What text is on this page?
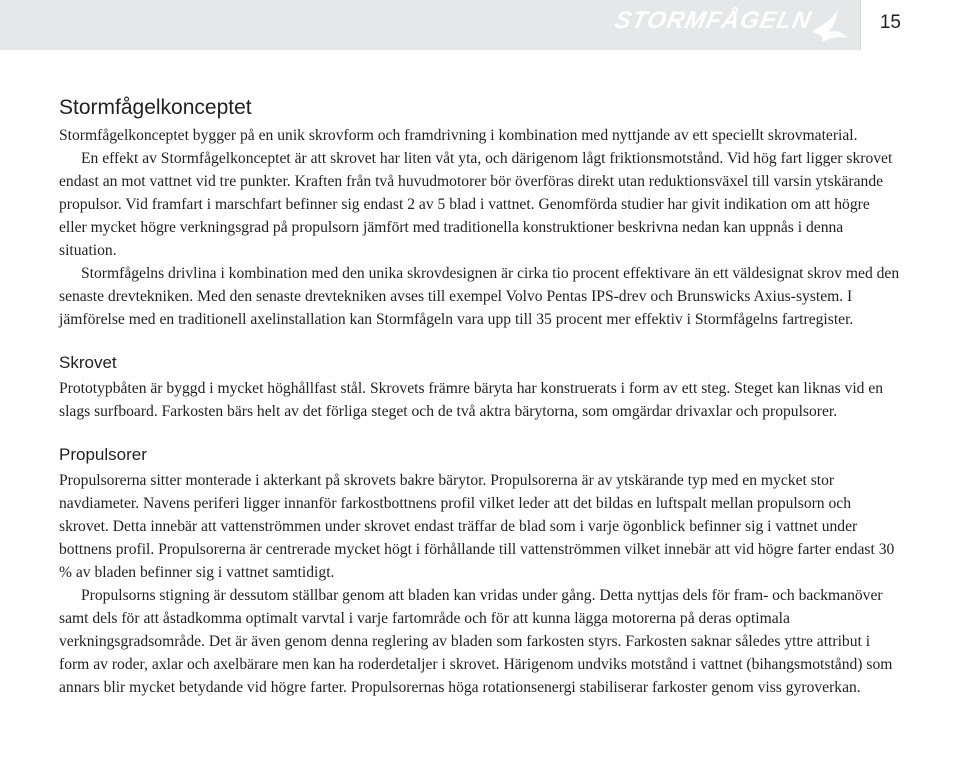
STORMFÅGELN	15
Stormfågelkonceptet

Stormfågelkonceptet bygger på en unik skrovform och framdrivning i kombination med nyttjande av ett speciellt skrovmaterial.

En effekt av Stormfågelkonceptet är att skrovet har liten våt yta, och därigenom lågt friktionsmotstånd. Vid hög fart ligger skrovet endast an mot vattnet vid tre punkter. Kraften från två huvudmotorer bör överföras direkt utan reduktionsväxel till varsin ytskärande propulsor. Vid framfart i marschfart befinner sig endast 2 av 5 blad i vattnet. Genomförda studier har givit indikation om att högre eller mycket högre verkningsgrad på propulsorn jämfört med traditionella konstruktioner beskrivna nedan kan uppnås i denna situation.

Stormfågelns drivlina i kombination med den unika skrovdesignen är cirka tio procent effektivare än ett väldesignat skrov med den senaste drevtekniken. Med den senaste drevtekniken avses till exempel Volvo Pentas IPS-drev och Brunswicks Axius-system. I jämförelse med en traditionell axelinstallation kan Stormfågeln vara upp till 35 procent mer effektiv i Stormfågelns fartregister.

Skrovet

Prototypbåten är byggd i mycket höghållfast stål. Skrovets främre bäryta har konstruerats i form av ett steg. Steget kan liknas vid en slags surfboard. Farkosten bärs helt av det förliga steget och de två aktra bärytorna, som omgärdar drivaxlar och propulsorer.

Propulsorer

Propulsorerna sitter monterade i akterkant på skrovets bakre bärytor. Propulsorerna är av ytskärande typ med en mycket stor navdiameter. Navens periferi ligger innanför farkostbottnens profil vilket leder att det bildas en luftspalt mellan propulsorn och skrovet. Detta innebär att vattenströmmen under skrovet endast träffar de blad som i varje ögonblick befinner sig i vattnet under bottnens profil. Propulsorerna är centrerade mycket högt i förhållande till vattenströmmen vilket innebär att vid högre farter endast 30 % av bladen befinner sig i vattnet samtidigt.

Propulsorns stigning är dessutom ställbar genom att bladen kan vridas under gång. Detta nyttjas dels för fram- och backmanöver samt dels för att åstadkomma optimalt varvtal i varje fartområde och för att kunna lägga motorerna på deras optimala verkningsgradsområde. Det är även genom denna reglering av bladen som farkosten styrs. Farkosten saknar således yttre attribut i form av roder, axlar och axelbärare men kan ha roderdetaljer i skrovet. Härigenom undviks motstånd i vattnet (bihangsmotstånd) som annars blir mycket betydande vid högre farter. Propulsorernas höga rotationsenergi stabiliserar farkoster genom viss gyroverkan.
